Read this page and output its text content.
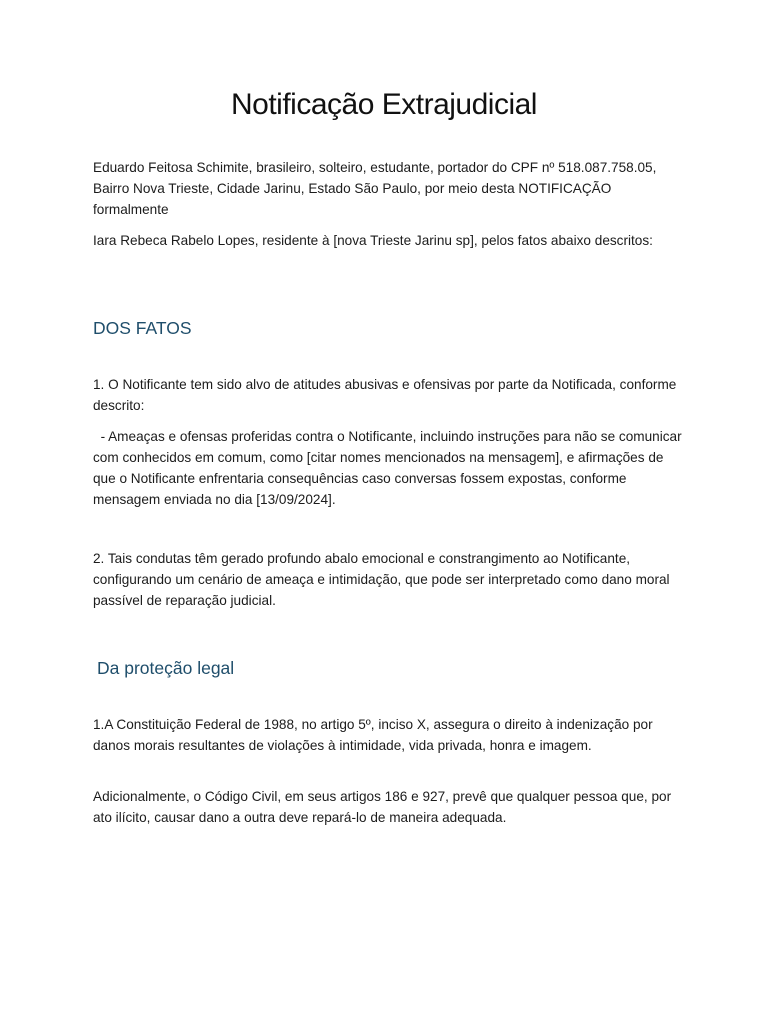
Notificação Extrajudicial

Eduardo Feitosa Schimite, brasileiro, solteiro, estudante, portador do CPF nº 518.087.758.05, Bairro Nova Trieste, Cidade Jarinu, Estado São Paulo, por meio desta NOTIFICAÇÃO formalmente

Iara Rebeca Rabelo Lopes, residente à [nova Trieste Jarinu sp], pelos fatos abaixo descritos:

DOS FATOS

1. O Notificante tem sido alvo de atitudes abusivas e ofensivas por parte da Notificada, conforme descrito:

- Ameaças e ofensas proferidas contra o Notificante, incluindo instruções para não se comunicar com conhecidos em comum, como [citar nomes mencionados na mensagem], e afirmações de que o Notificante enfrentaria consequências caso conversas fossem expostas, conforme mensagem enviada no dia [13/09/2024].

2. Tais condutas têm gerado profundo abalo emocional e constrangimento ao Notificante, configurando um cenário de ameaça e intimidação, que pode ser interpretado como dano moral passível de reparação judicial.

Da proteção legal

1.A Constituição Federal de 1988, no artigo 5º, inciso X, assegura o direito à indenização por danos morais resultantes de violações à intimidade, vida privada, honra e imagem.

Adicionalmente, o Código Civil, em seus artigos 186 e 927, prevê que qualquer pessoa que, por ato ilícito, causar dano a outra deve repará-lo de maneira adequada.
